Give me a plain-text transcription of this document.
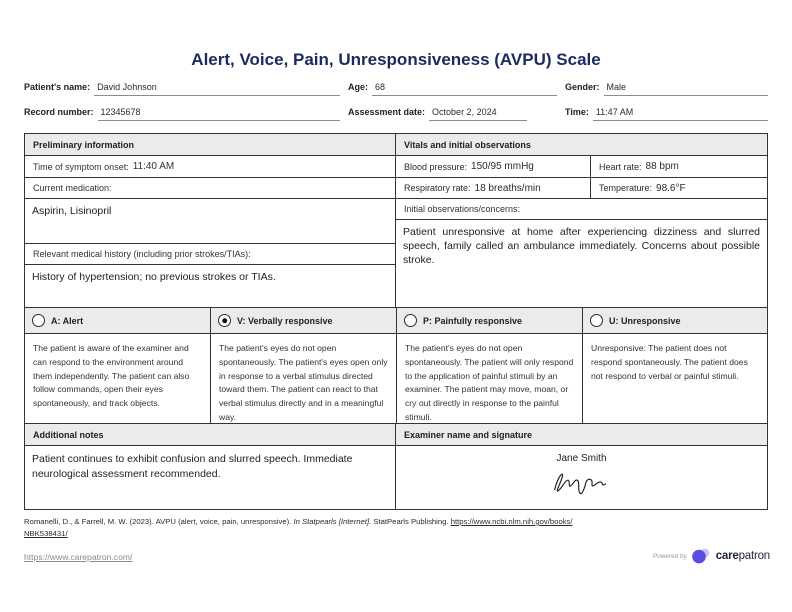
Alert, Voice, Pain, Unresponsiveness (AVPU) Scale
Patient's name: David Johnson	Age: 68	Gender: Male
Record number: 12345678	Assessment date: October 2, 2024	Time: 11:47 AM
Preliminary information
Time of symptom onset: 11:40 AM
Current medication:
Aspirin, Lisinopril
Relevant medical history (including prior strokes/TIAs):
History of hypertension; no previous strokes or TIAs.
Vitals and initial observations
Blood pressure: 150/95 mmHg	Heart rate: 88 bpm
Respiratory rate: 18 breaths/min	Temperature: 98.6°F
Initial observations/concerns:
Patient unresponsive at home after experiencing dizziness and slurred speech, family called an ambulance immediately. Concerns about possible stroke.
A: Alert	V: Verbally responsive	P: Painfully responsive	U: Unresponsive
The patient is aware of the examiner and can respond to the environment around them independently. The patient can also follow commands, open their eyes spontaneously, and track objects.
The patient's eyes do not open spontaneously. The patient's eyes open only in response to a verbal stimulus directed toward them. The patient can react to that verbal stimulus directly and in a meaningful way.
The patient's eyes do not open spontaneously. The patient will only respond to the application of painful stimuli by an examiner. The patient may move, moan, or cry out directly in response to the painful stimuli.
Unresponsive: The patient does not respond spontaneously. The patient does not respond to verbal or painful stimuli.
Additional notes	Examiner name and signature
Patient continues to exhibit confusion and slurred speech. Immediate neurological assessment recommended.
Jane Smith
Romanelli, D., & Farrell, M. W. (2023). AVPU (alert, voice, pain, unresponsive). In Statpearls [Internet]. StatPearls Publishing. https://www.ncbi.nlm.nih.gov/books/
NBK538431/
https://www.carepatron.com/	Powered by	carepatron
